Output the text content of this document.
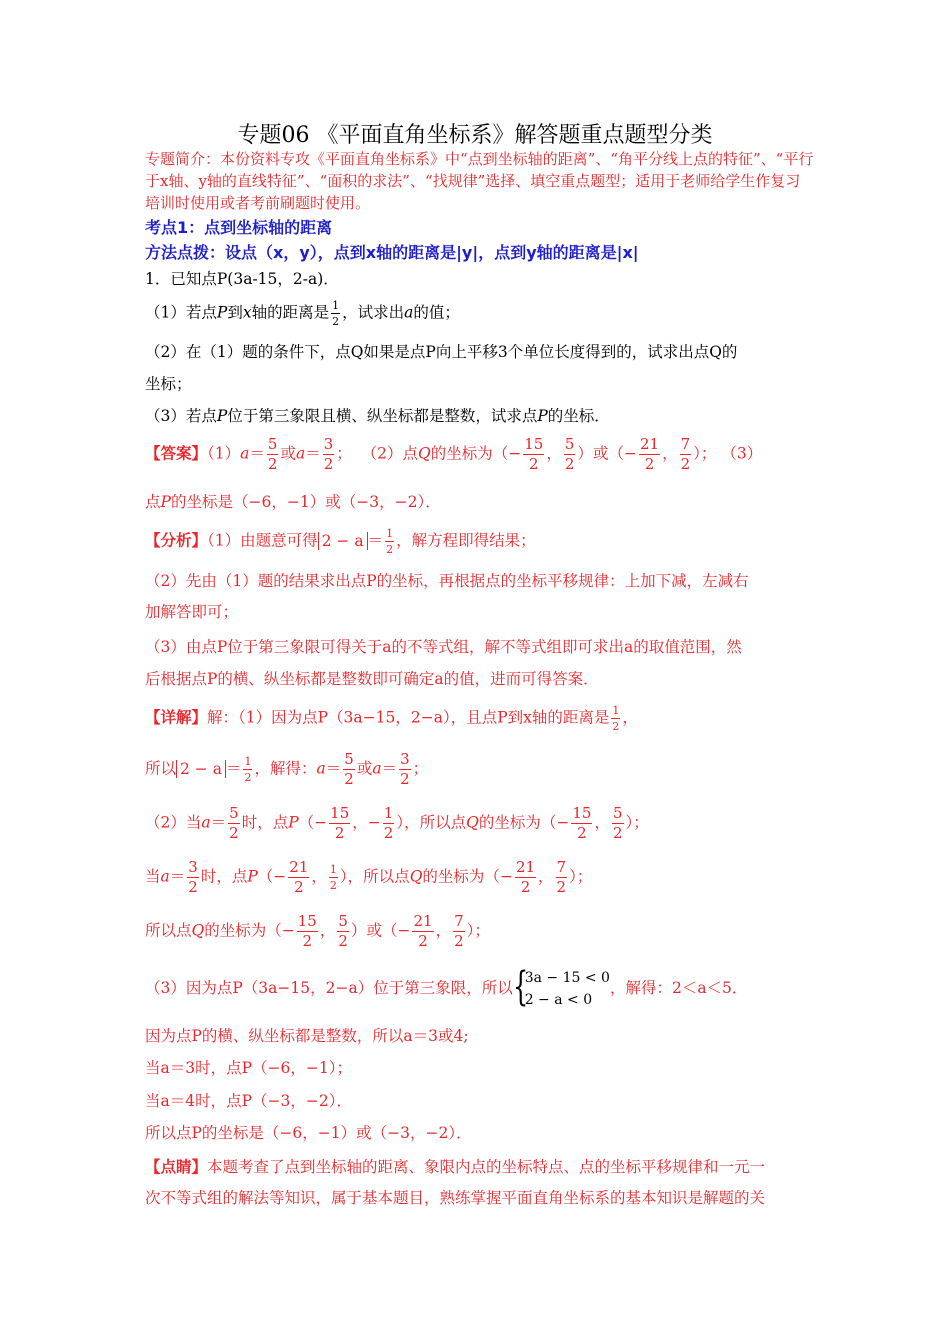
专题06 《平面直角坐标系》解答题重点题型分类
专题简介：本份资料专攻《平面直角坐标系》中“点到坐标轴的距离”、“角平分线上点的特征”、“平行于x轴、y轴的直线特征”、“面积的求法”、“找规律”选择、填空重点题型；适用于老师给学生作复习培训时使用或者考前刷题时使用。
考点1：点到坐标轴的距离
方法点拨：设点（x，y），点到x轴的距离是|y|，点到y轴的距离是|x|
1．已知点P(3a-15，2-a)．
（1）若点P到x轴的距离是 $\frac{1}{2}$ ，试求出a的值；
（2）在（1）题的条件下，点Q如果是点P向上平移3个单位长度得到的，试求出点Q的
坐标；
（3）若点P位于第三象限且横、纵坐标都是整数，试求点P的坐标．
【答案】$(1)a= \frac{5}{2}$ 或$a= \frac{3}{2}$ ； （2）点Q的坐标为（− $\frac{15}{2}$ ， $\frac{5}{2}$ ）或（− $\frac{21}{2}$ ， $\frac{7}{2}$ ）； （3）
点P的坐标是（−6，−1）或（−3，−2）．
【分析】（1）由题意可得 $2 - a = \frac{1}{2}$ ，解方程即得结果；
（2）先由（1）题的结果求出点P的坐标，再根据点的坐标平移规律：上加下减，左减右
加解答即可；
（3）由点P位于第三象限可得关于a的不等式组，解不等式组即可求出a的取值范围，然
后根据点P的横、纵坐标都是整数即可确定a的值，进而可得答案．
【详解】解：（1）因为点P（3a−15，2−a），且点P到x轴的距离是 $\frac{1}{2}$ ，
所以 $2 - a = \frac{1}{2}$ ，解得：$a= \frac{5}{2}$ 或$a= \frac{3}{2}$ ；
（2）当$a= \frac{5}{2}$ 时，点$P(- \frac{15}{2}$ ，− $\frac{1}{2}$ ），所以点Q的坐标为（− $\frac{15}{2}$ ， $\frac{5}{2}$ ）；
当$a= \frac{3}{2}$ 时，点$P(- \frac{21}{2}$ ， $\frac{1}{2}$ ），所以点Q的坐标为（− $\frac{21}{2}$ ， $\frac{7}{2}$ ）；
所以点Q的坐标为（− $\frac{15}{2}$ ， $\frac{5}{2}$ ）或（− $\frac{21}{2}$ ， $\frac{7}{2}$ ）；
（3）因为点P（3a−15，2−a）位于第三象限，所以 {
3a − 15 < 0
2 − a < 0
，解得：2＜a＜5．
因为点P的横、纵坐标都是整数，所以a＝3或4;
当a＝3时，点P（−6，−1）；
当a＝4时，点P（−3，−2）．
所以点P的坐标是（−6，−1）或（−3，−2）．
【点睛】本题考查了点到坐标轴的距离、象限内点的坐标特点、点的坐标平移规律和一元一
次不等式组的解法等知识，属于基本题目，熟练掌握平面直角坐标系的基本知识是解题的关
